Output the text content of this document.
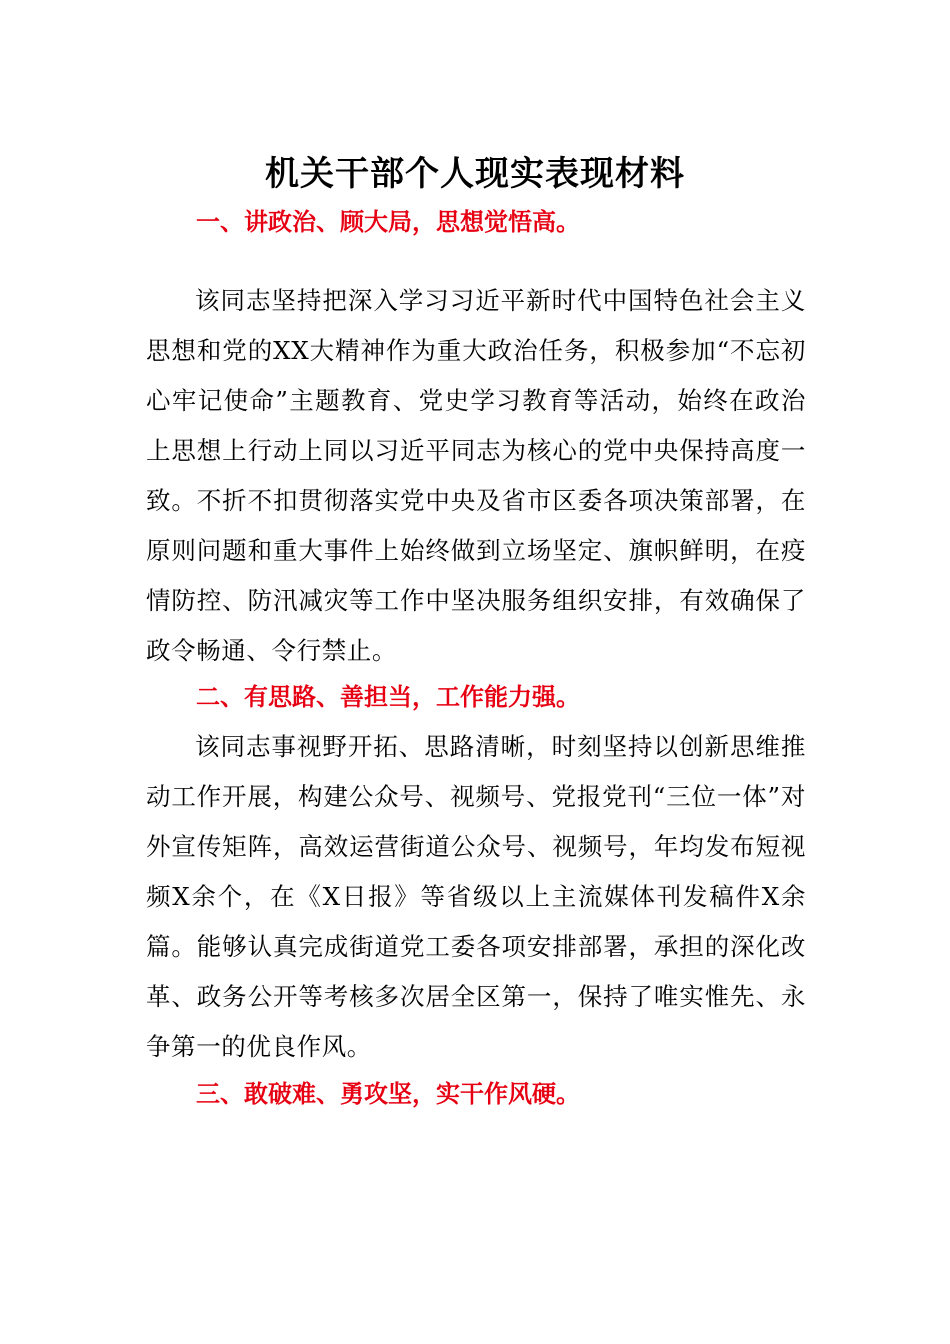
机关干部个人现实表现材料
一、讲政治、顾大局，思想觉悟高。
该同志坚持把深入学习习近平新时代中国特色社会主义思想和党的XX大精神作为重大政治任务，积极参加“不忘初心牢记使命”主题教育、党史学习教育等活动，始终在政治上思想上行动上同以习近平同志为核心的党中央保持高度一致。不折不扣贯彻落实党中央及省市区委各项决策部署，在原则问题和重大事件上始终做到立场坚定、旗帜鲜明，在疫情防控、防汛减灾等工作中坚决服务组织安排，有效确保了政令畅通、令行禁止。
二、有思路、善担当，工作能力强。
该同志事视野开拓、思路清晰，时刻坚持以创新思维推动工作开展，构建公众号、视频号、党报党刊“三位一体”对外宣传矩阵，高效运营街道公众号、视频号，年均发布短视频X余个，在《X日报》等省级以上主流媒体刊发稿件X余篇。能够认真完成街道党工委各项安排部署，承担的深化改革、政务公开等考核多次居全区第一，保持了唯实惟先、永争第一的优良作风。
三、敢破难、勇攻坚，实干作风硬。
